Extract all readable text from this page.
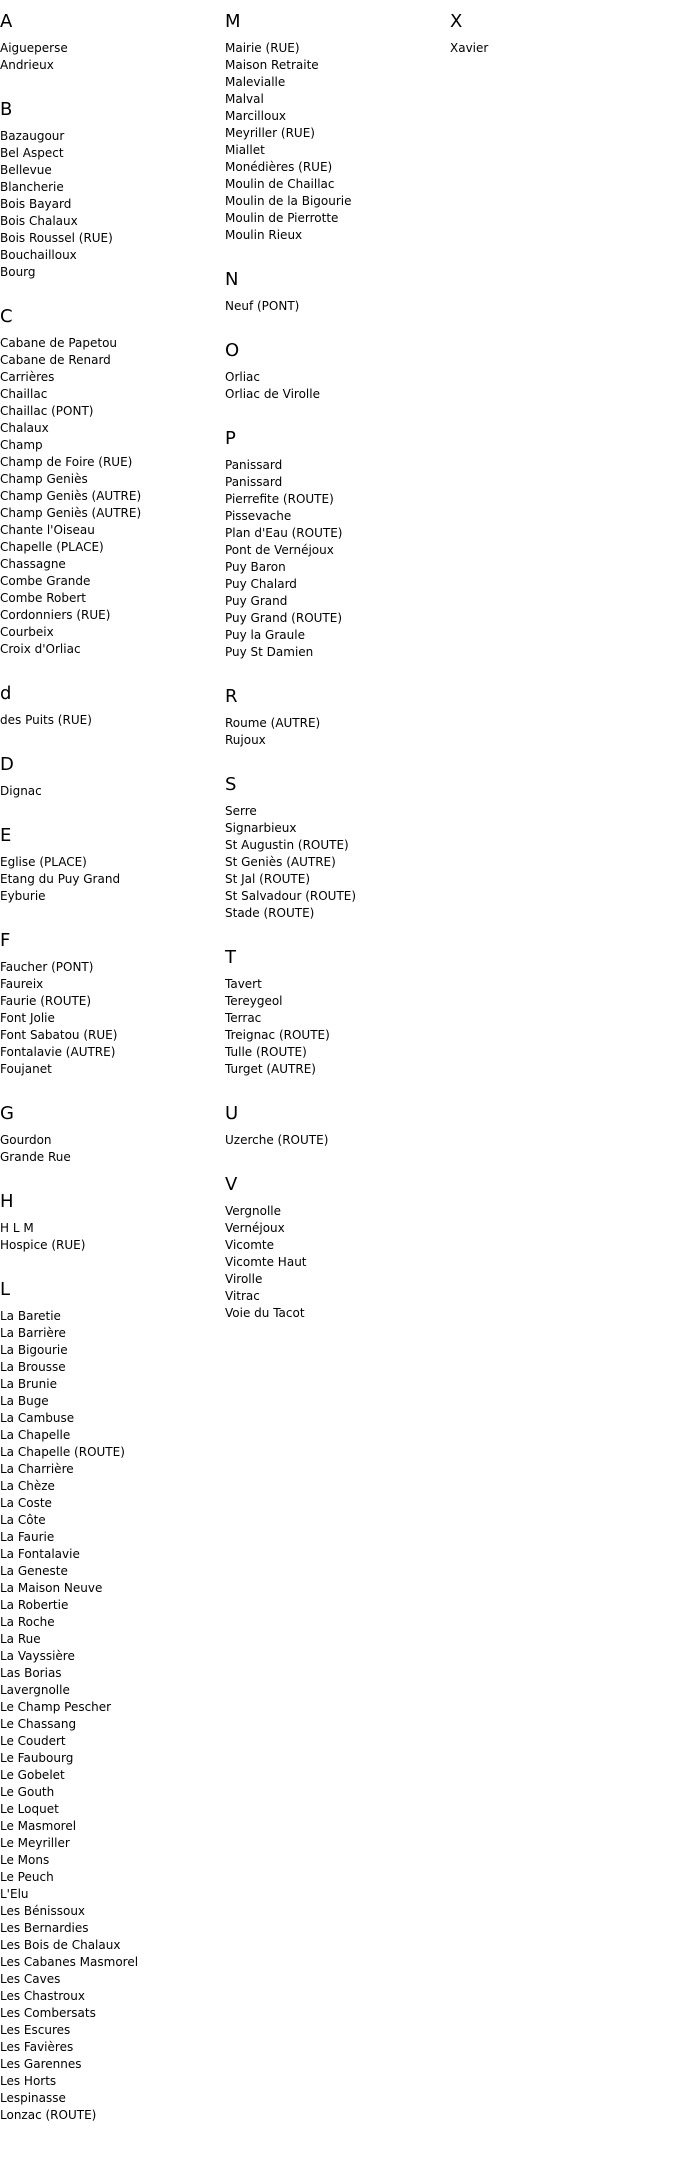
A
Aigueperse
Andrieux
B
Bazaugour
Bel Aspect
Bellevue
Blancherie
Bois Bayard
Bois Chalaux
Bois Roussel (RUE)
Bouchailloux
Bourg
C
Cabane de Papetou
Cabane de Renard
Carrières
Chaillac
Chaillac (PONT)
Chalaux
Champ
Champ de Foire (RUE)
Champ Geniès
Champ Geniès (AUTRE)
Champ Geniès (AUTRE)
Chante l'Oiseau
Chapelle (PLACE)
Chassagne
Combe Grande
Combe Robert
Cordonniers (RUE)
Courbeix
Croix d'Orliac
d
des Puits (RUE)
D
Dignac
E
Eglise (PLACE)
Etang du Puy Grand
Eyburie
F
Faucher (PONT)
Faureix
Faurie (ROUTE)
Font Jolie
Font Sabatou (RUE)
Fontalavie (AUTRE)
Foujanet
G
Gourdon
Grande Rue
H
H L M
Hospice (RUE)
L
La Baretie
La Barrière
La Bigourie
La Brousse
La Brunie
La Buge
La Cambuse
La Chapelle
La Chapelle (ROUTE)
La Charrière
La Chèze
La Coste
La Côte
La Faurie
La Fontalavie
La Geneste
La Maison Neuve
La Robertie
La Roche
La Rue
La Vayssière
Las Borias
Lavergnolle
Le Champ Pescher
Le Chassang
Le Coudert
Le Faubourg
Le Gobelet
Le Gouth
Le Loquet
Le Masmorel
Le Meyriller
Le Mons
Le Peuch
L'Elu
Les Bénissoux
Les Bernardies
Les Bois de Chalaux
Les Cabanes Masmorel
Les Caves
Les Chastroux
Les Combersats
Les Escures
Les Favières
Les Garennes
Les Horts
Lespinasse
Lonzac (ROUTE)
M
Mairie (RUE)
Maison Retraite
Malevialle
Malval
Marcilloux
Meyriller (RUE)
Miallet
Monédières (RUE)
Moulin de Chaillac
Moulin de la Bigourie
Moulin de Pierrotte
Moulin Rieux
N
Neuf (PONT)
O
Orliac
Orliac de Virolle
P
Panissard
Panissard
Pierrefite (ROUTE)
Pissevache
Plan d'Eau (ROUTE)
Pont de Vernéjoux
Puy Baron
Puy Chalard
Puy Grand
Puy Grand (ROUTE)
Puy la Graule
Puy St Damien
R
Roume (AUTRE)
Rujoux
S
Serre
Signarbieux
St Augustin (ROUTE)
St Geniès (AUTRE)
St Jal (ROUTE)
St Salvadour (ROUTE)
Stade (ROUTE)
T
Tavert
Tereygeol
Terrac
Treignac (ROUTE)
Tulle (ROUTE)
Turget (AUTRE)
U
Uzerche (ROUTE)
V
Vergnolle
Vernéjoux
Vicomte
Vicomte Haut
Virolle
Vitrac
Voie du Tacot
X
Xavier
